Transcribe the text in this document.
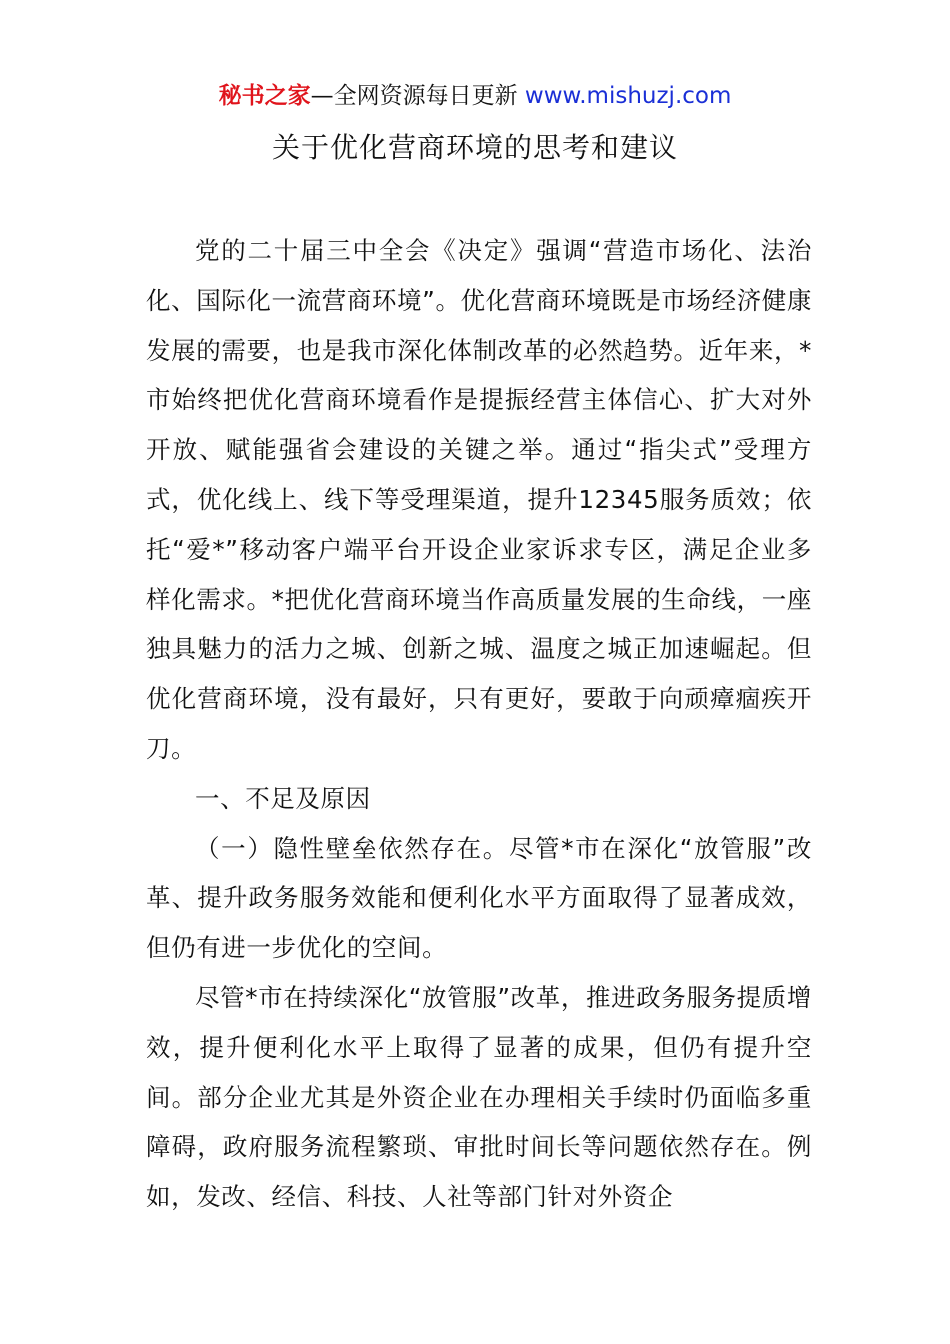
秘书之家—全网资源每日更新 www.mishuzj.com
关于优化营商环境的思考和建议

党的二十届三中全会《决定》强调“营造市场化、法治化、国际化一流营商环境”。优化营商环境既是市场经济健康发展的需要，也是我市深化体制改革的必然趋势。近年来，*市始终把优化营商环境看作是提振经营主体信心、扩大对外开放、赋能强省会建设的关键之举。通过“指尖式”受理方式，优化线上、线下等受理渠道，提升12345服务质效；依托“爱*”移动客户端平台开设企业家诉求专区，满足企业多样化需求。*把优化营商环境当作高质量发展的生命线，一座独具魅力的活力之城、创新之城、温度之城正加速崛起。但优化营商环境，没有最好，只有更好，要敢于向顽瘴痼疾开刀。

一、不足及原因

（一）隐性壁垒依然存在。尽管*市在深化“放管服”改革、提升政务服务效能和便利化水平方面取得了显著成效，但仍有进一步优化的空间。

尽管*市在持续深化“放管服”改革，推进政务服务提质增效，提升便利化水平上取得了显著的成果，但仍有提升空间。部分企业尤其是外资企业在办理相关手续时仍面临多重障碍，政府服务流程繁琐、审批时间长等问题依然存在。例如，发改、经信、科技、人社等部门针对外资企
